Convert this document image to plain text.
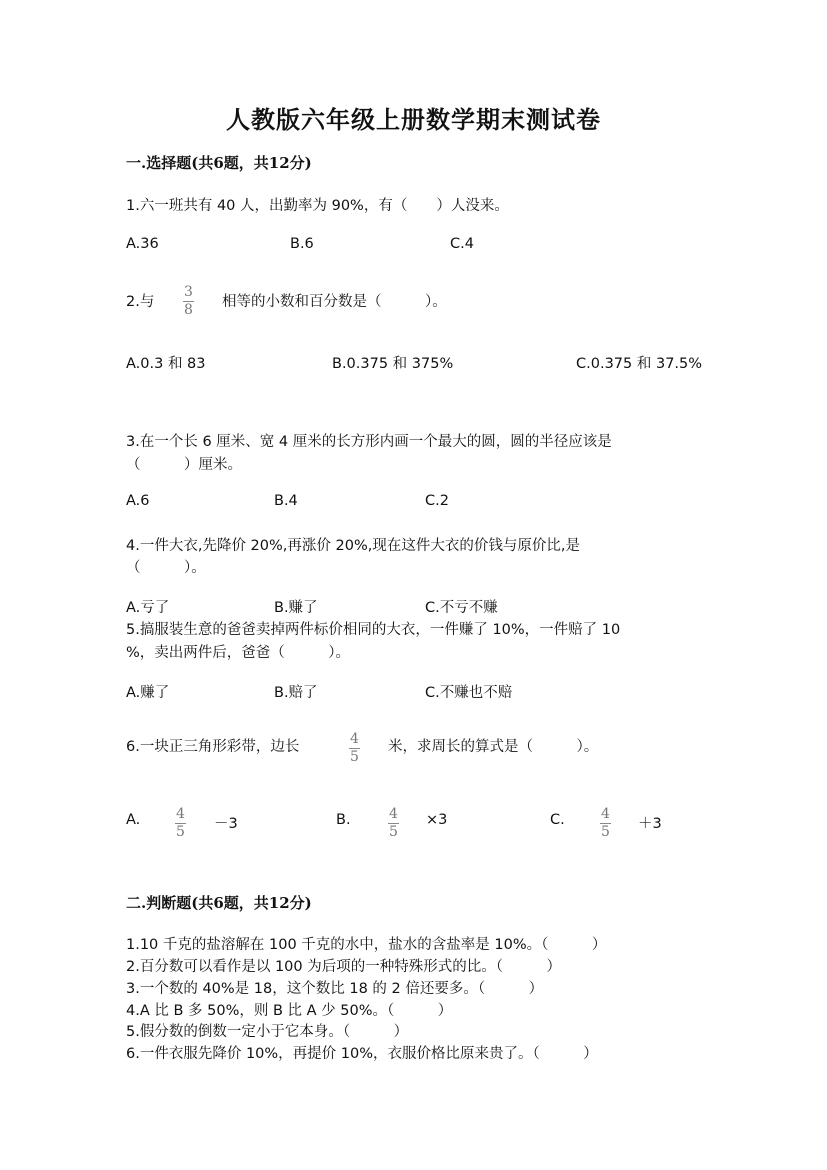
人教版六年级上册数学期末测试卷
一.选择题(共6题，共12分)
1.六一班共有 40 人，出勤率为 90%，有（　　）人没来。
A.36	B.6	C.4
2.与
3
8 相等的小数和百分数是（　　　）。
A.0.3 和 83	B.0.375 和 375%	C.0.375 和 37.5%
3.在一个长 6 厘米、宽 4 厘米的长方形内画一个最大的圆，圆的半径应该是
（　　　）厘米。
A.6	B.4	C.2
4.一件大衣,先降价 20%,再涨价 20%,现在这件大衣的价钱与原价比,是
（　　　）。
A.亏了	B.赚了	C.不亏不赚
5.搞服装生意的爸爸卖掉两件标价相同的大衣，一件赚了 10%，一件赔了 10
%，卖出两件后，爸爸（　　　）。
A.赚了	B.赔了	C.不赚也不赔
6.一块正三角形彩带，边长	4
5
米，求周长的算式是（　　　）。
A.	4
5 －3	B.	4
5
×3	C.	4
5 ＋3
二.判断题(共6题，共12分)
1.10 千克的盐溶解在 100 千克的水中，盐水的含盐率是 10%。（　　　）
2.百分数可以看作是以 100 为后项的一种特殊形式的比。（　　　）
3.一个数的 40%是 18，这个数比 18 的 2 倍还要多。（　　　）
4.A 比 B 多 50%，则 B 比 A 少 50%。（　　　）
5.假分数的倒数一定小于它本身。（　　　）
6.一件衣服先降价 10%，再提价 10%，衣服价格比原来贵了。（　　　）
